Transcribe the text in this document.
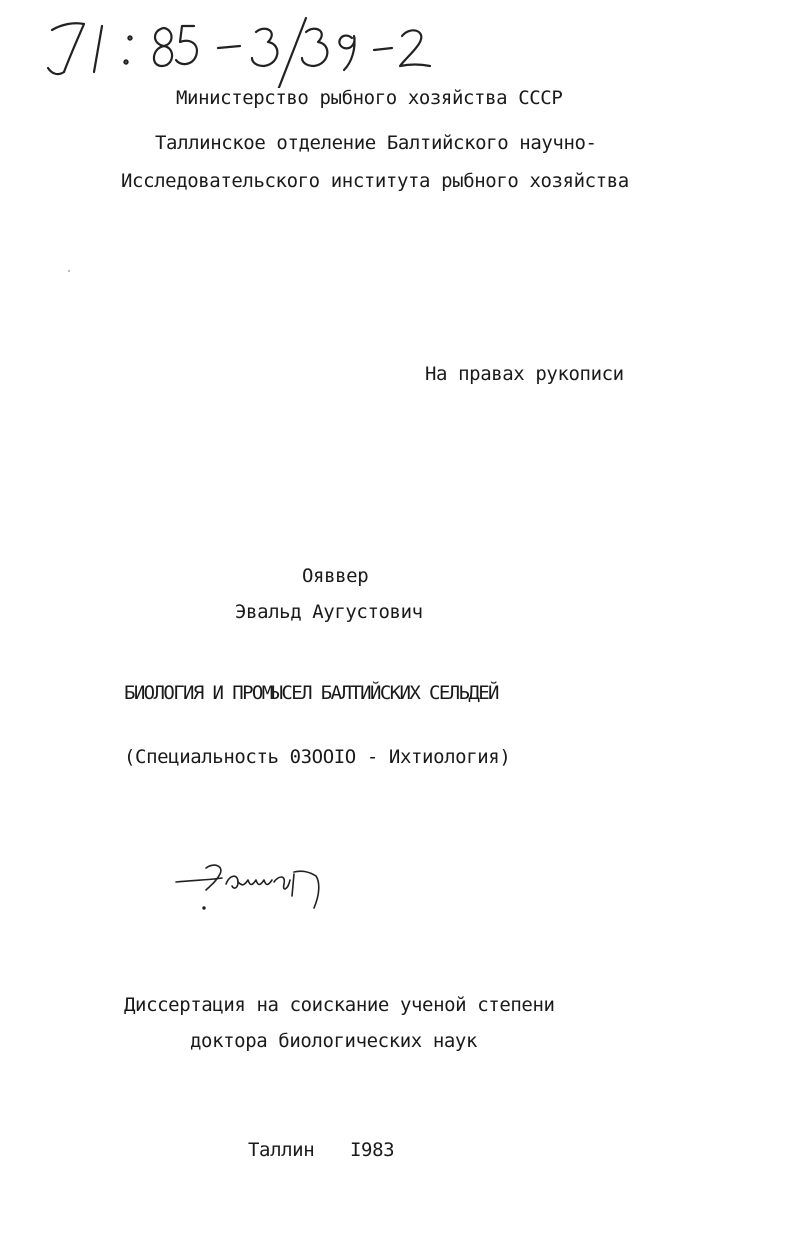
Министерство рыбного хозяйства СССР
Таллинское отделение Балтийского научно-
Исследовательского института рыбного хозяйства
На правах рукописи
Ояввер
Эвальд Аугустович
БИОЛОГИЯ И ПРОМЫСЕЛ БАЛТИЙСКИХ СЕЛЬДЕЙ
(Специальность 03ООIO - Ихтиология)
Диссертация на соискание ученой степени
доктора биологических наук
Таллин I983
